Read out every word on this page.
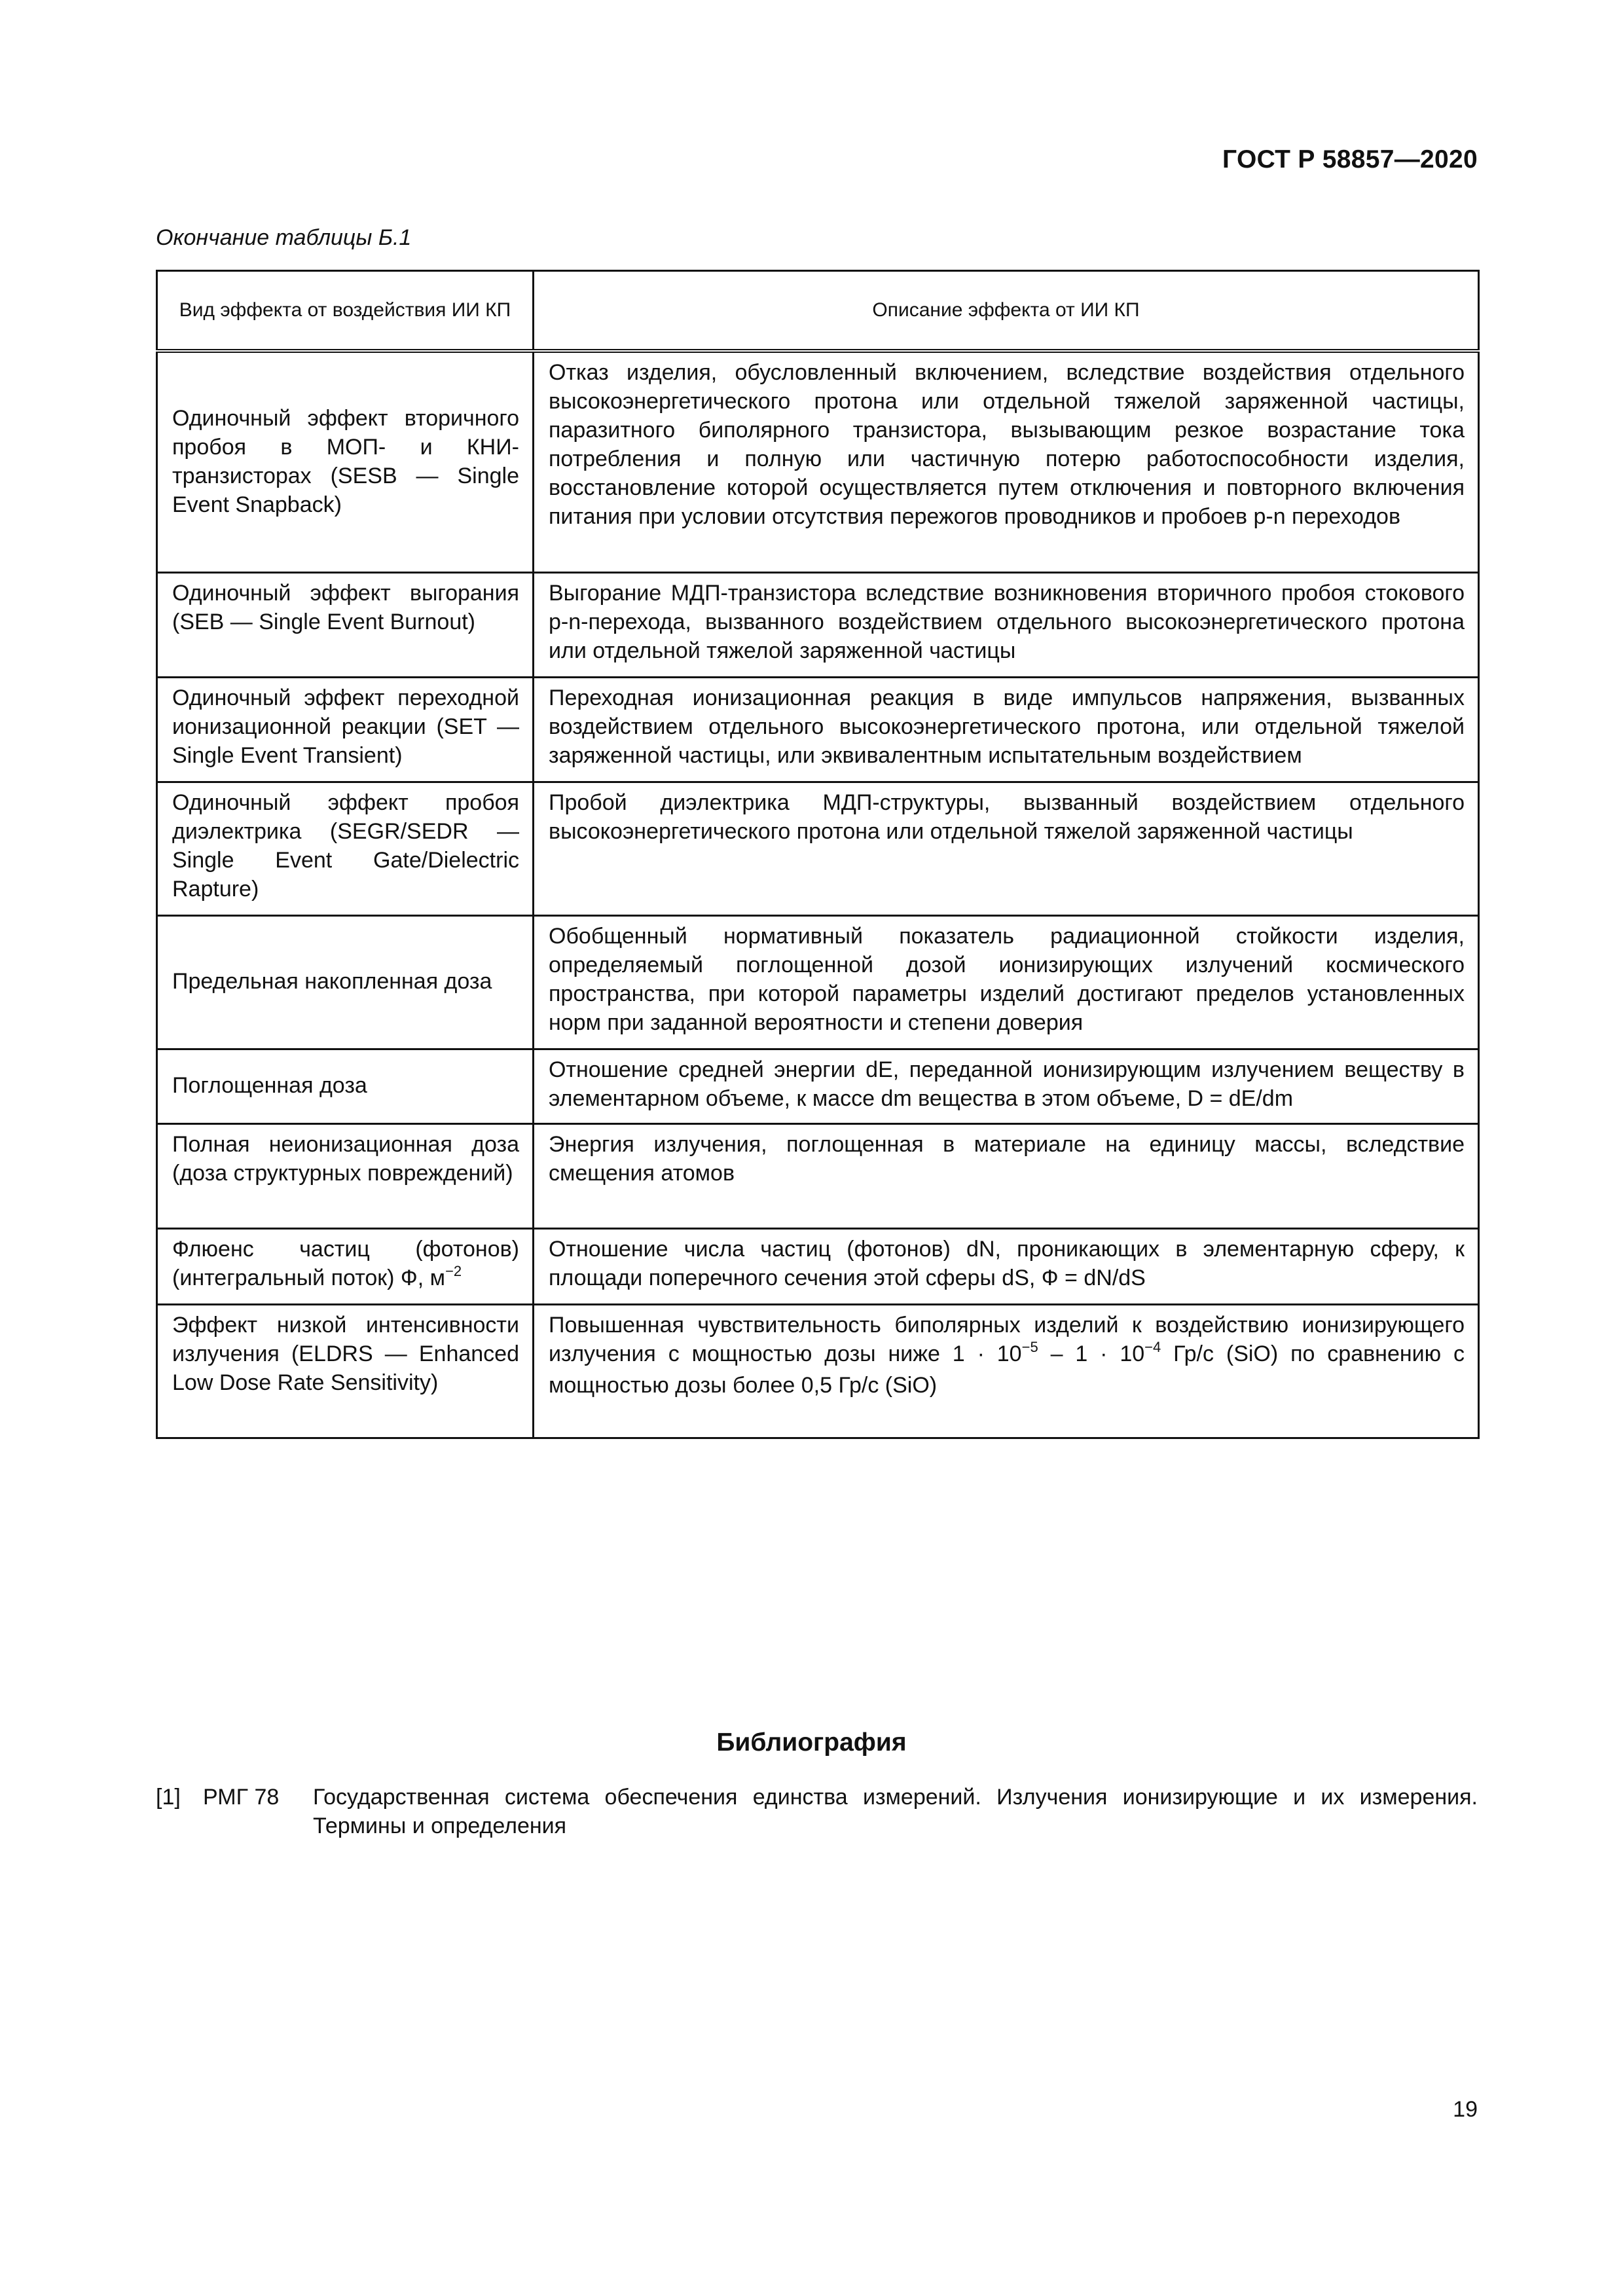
ГОСТ Р 58857—2020
Окончание таблицы Б.1
Вид эффекта от воздействия ИИ КП	Описание эффекта от ИИ КП
Одиночный эффект вторичного пробоя в МОП- и КНИ-транзисторах (SESB — Single Event Snapback)	Отказ изделия, обусловленный включением, вследствие воздействия отдельного высокоэнергетического протона или отдельной тяжелой заряженной частицы, паразитного биполярного транзистора, вызывающим резкое возрастание тока потребления и полную или частичную потерю работоспособности изделия, восстановление которой осуществляется путем отключения и повторного включения питания при условии отсутствия пережогов проводников и пробоев p-n переходов
Одиночный эффект выгорания (SEB — Single Event Burnout)	Выгорание МДП-транзистора вследствие возникновения вторичного пробоя стокового p-n-перехода, вызванного воздействием отдельного высокоэнергетического протона или отдельной тяжелой заряженной частицы
Одиночный эффект переходной ионизационной реакции (SET — Single Event Transient)	Переходная ионизационная реакция в виде импульсов напряжения, вызванных воздействием отдельного высокоэнергетического протона, или отдельной тяжелой заряженной частицы, или эквивалентным испытательным воздействием
Одиночный эффект пробоя диэлектрика (SEGR/SEDR — Single Event Gate/Dielectric Rapture)	Пробой диэлектрика МДП-структуры, вызванный воздействием отдельного высокоэнергетического протона или отдельной тяжелой заряженной частицы
Предельная накопленная доза	Обобщенный нормативный показатель радиационной стойкости изделия, определяемый поглощенной дозой ионизирующих излучений космического пространства, при которой параметры изделий достигают пределов установленных норм при заданной вероятности и степени доверия
Поглощенная доза	Отношение средней энергии dE, переданной ионизирующим излучением веществу в элементарном объеме, к массе dm вещества в этом объеме, D = dE/dm
Полная неионизационная доза (доза структурных повреждений)	Энергия излучения, поглощенная в материале на единицу массы, вследствие смещения атомов
Флюенс частиц (фотонов) (интегральный поток) Ф, $м^{-2}$	Отношение числа частиц (фотонов) dN, проникающих в элементарную сферу, к площади поперечного сечения этой сферы dS, Ф = dN/dS
Эффект низкой интенсивности излучения (ELDRS — Enhanced Low Dose Rate Sensitivity)	Повышенная чувствительность биполярных изделий к воздействию ионизирующего излучения с мощностью дозы ниже $1 \cdot 10^{-5} - 1 \cdot 10^{-4}$ Гр/с (SiO) по сравнению с мощностью дозы более 0,5 Гр/с (SiO)
Библиография
[1]	РМГ 78	Государственная система обеспечения единства измерений. Излучения ионизирующие и их измерения. Термины и определения
19
